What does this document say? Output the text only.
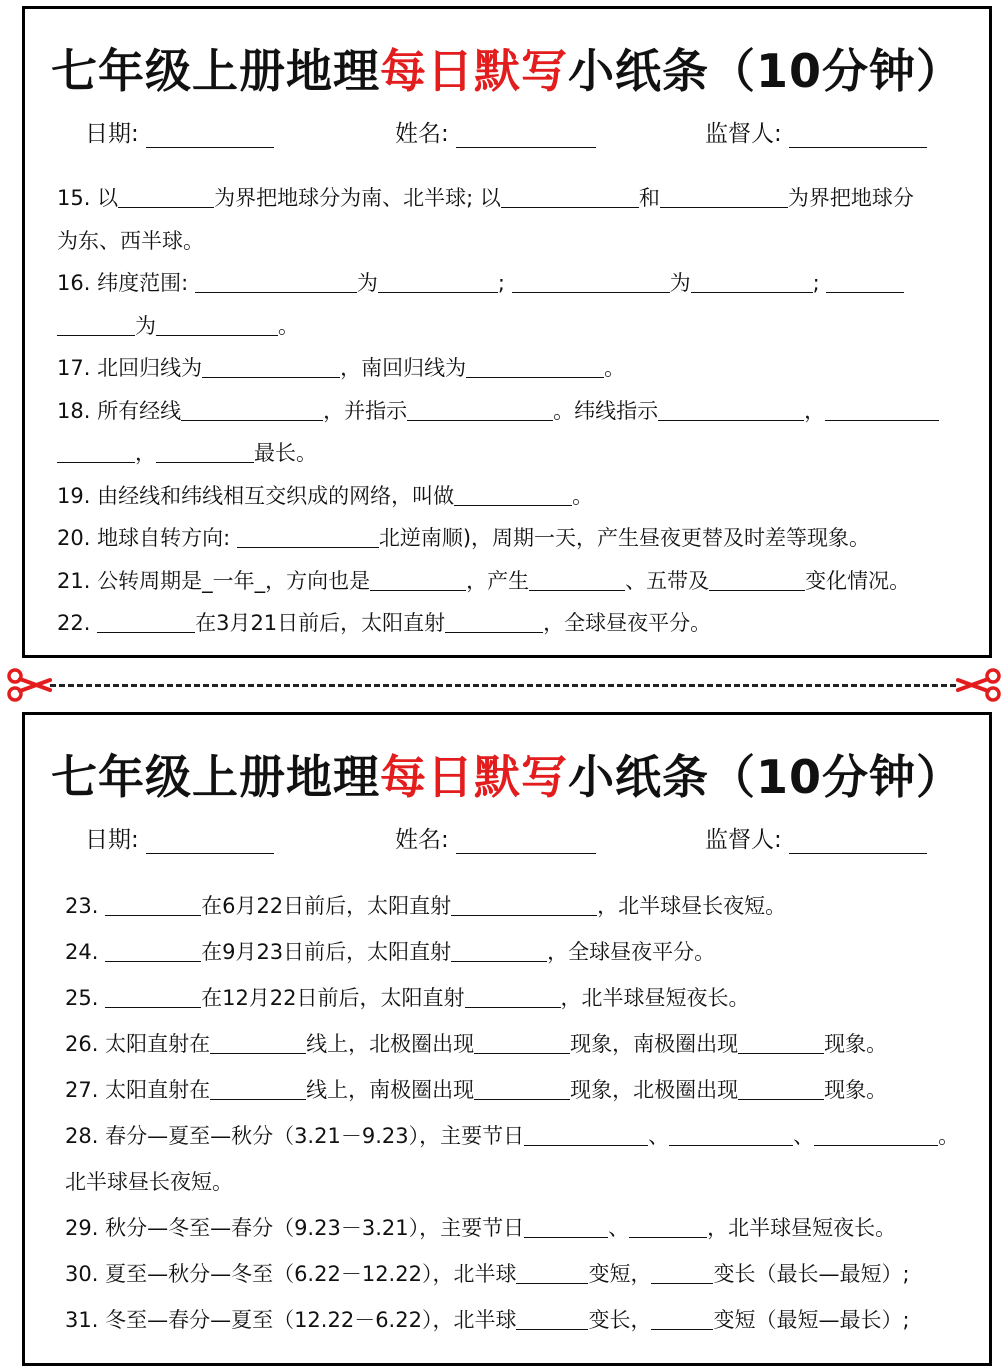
七年级上册地理每日默写小纸条（10分钟）
日期:	姓名:	监督人:
15. 以	为界把地球分为南、北半球; 以	和	为界把地球分
为东、西半球。
16. 纬度范围:	为	;	为	;
为	。
17. 北回归线为	，南回归线为	。
18. 所有经线	，并指示	。纬线指示	，
，	最长。
19. 由经线和纬线相互交织成的网络，叫做	。
20. 地球自转方向:	北逆南顺)，周期一天，产生昼夜更替及时差等现象。
21. 公转周期是_一年_，方向也是	，产生	、五带及	变化情况。
22.	在3月21日前后，太阳直射	，全球昼夜平分。
七年级上册地理每日默写小纸条（10分钟）
日期:	姓名:	监督人:
23.	在6月22日前后，太阳直射	，北半球昼长夜短。
24.	在9月23日前后，太阳直射	，全球昼夜平分。
25.	在12月22日前后，太阳直射	，北半球昼短夜长。
26. 太阳直射在	线上，北极圈出现	现象，南极圈出现	现象。
27. 太阳直射在	线上，南极圈出现	现象，北极圈出现	现象。
28. 春分—夏至—秋分（3.21－9.23），主要节日	、	、	。
北半球昼长夜短。
29. 秋分—冬至—春分（9.23－3.21），主要节日	、	，北半球昼短夜长。
30. 夏至—秋分—冬至（6.22－12.22），北半球	变短，	变长（最长—最短）;
31. 冬至—春分—夏至（12.22－6.22），北半球	变长，	变短（最短—最长）;
